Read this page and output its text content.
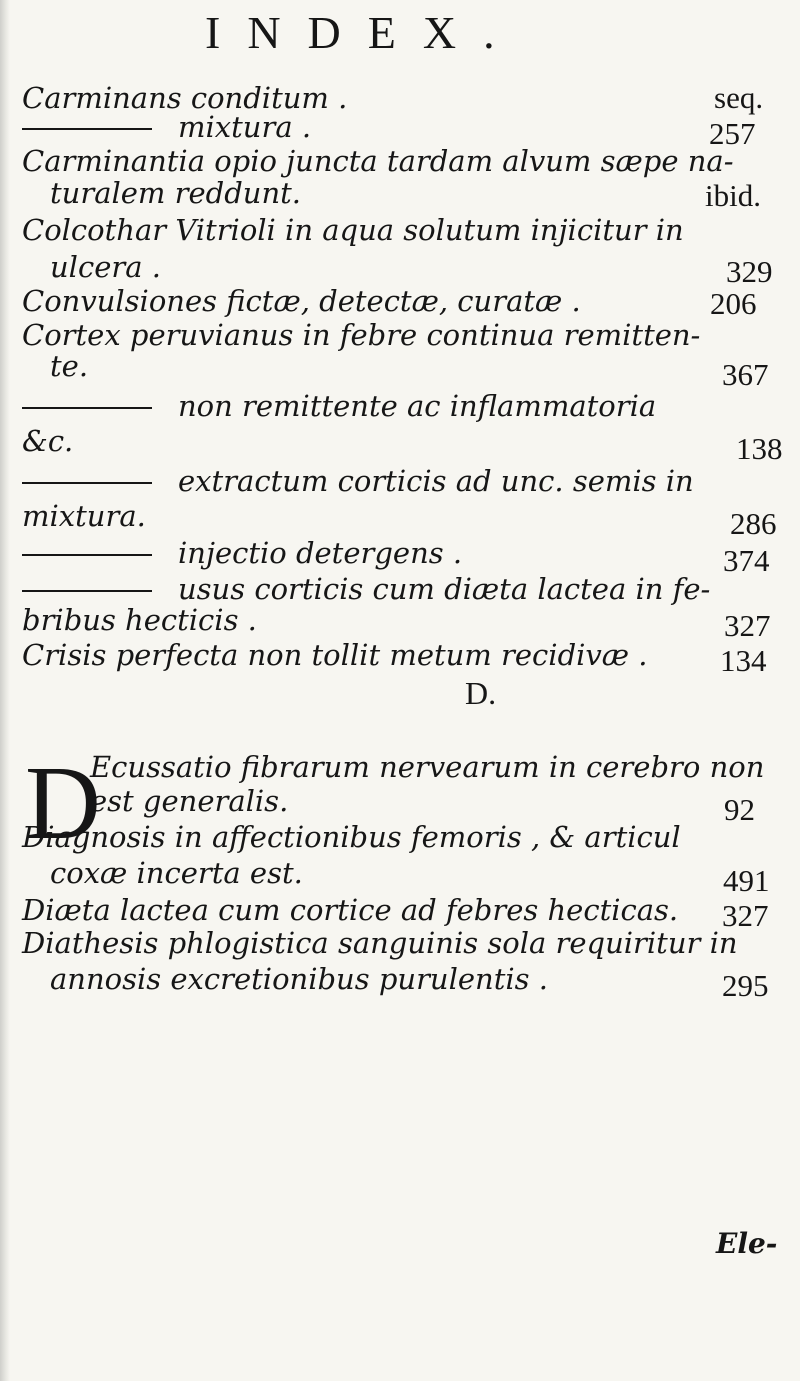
INDEX.
Carminans conditum .	seq.
mixtura .	257
Carminantia opio juncta tardam alvum sæpe na-
turalem reddunt.	ibid.
Colcothar Vitrioli in aqua solutum injicitur in
ulcera .	329
Convulsiones fictæ, detectæ, curatæ .	206
Cortex peruvianus in febre continua remitten-
te.	367
non remittente ac inflammatoria
&c.	138
extractum corticis ad unc. semis in
mixtura.	286
injectio detergens .	374
usus corticis cum diæta lactea in fe-
bribus hecticis .	327
Crisis perfecta non tollit metum recidivæ . 134
D.
D
Ecussatio fibrarum nervearum in cerebro non
est generalis.	92
Diagnosis in affectionibus femoris , & articul
coxæ incerta est.	491
Diæta lactea cum cortice ad febres hecticas. 327
Diathesis phlogistica sanguinis sola requiritur in
annosis excretionibus purulentis .	295
Ele-
